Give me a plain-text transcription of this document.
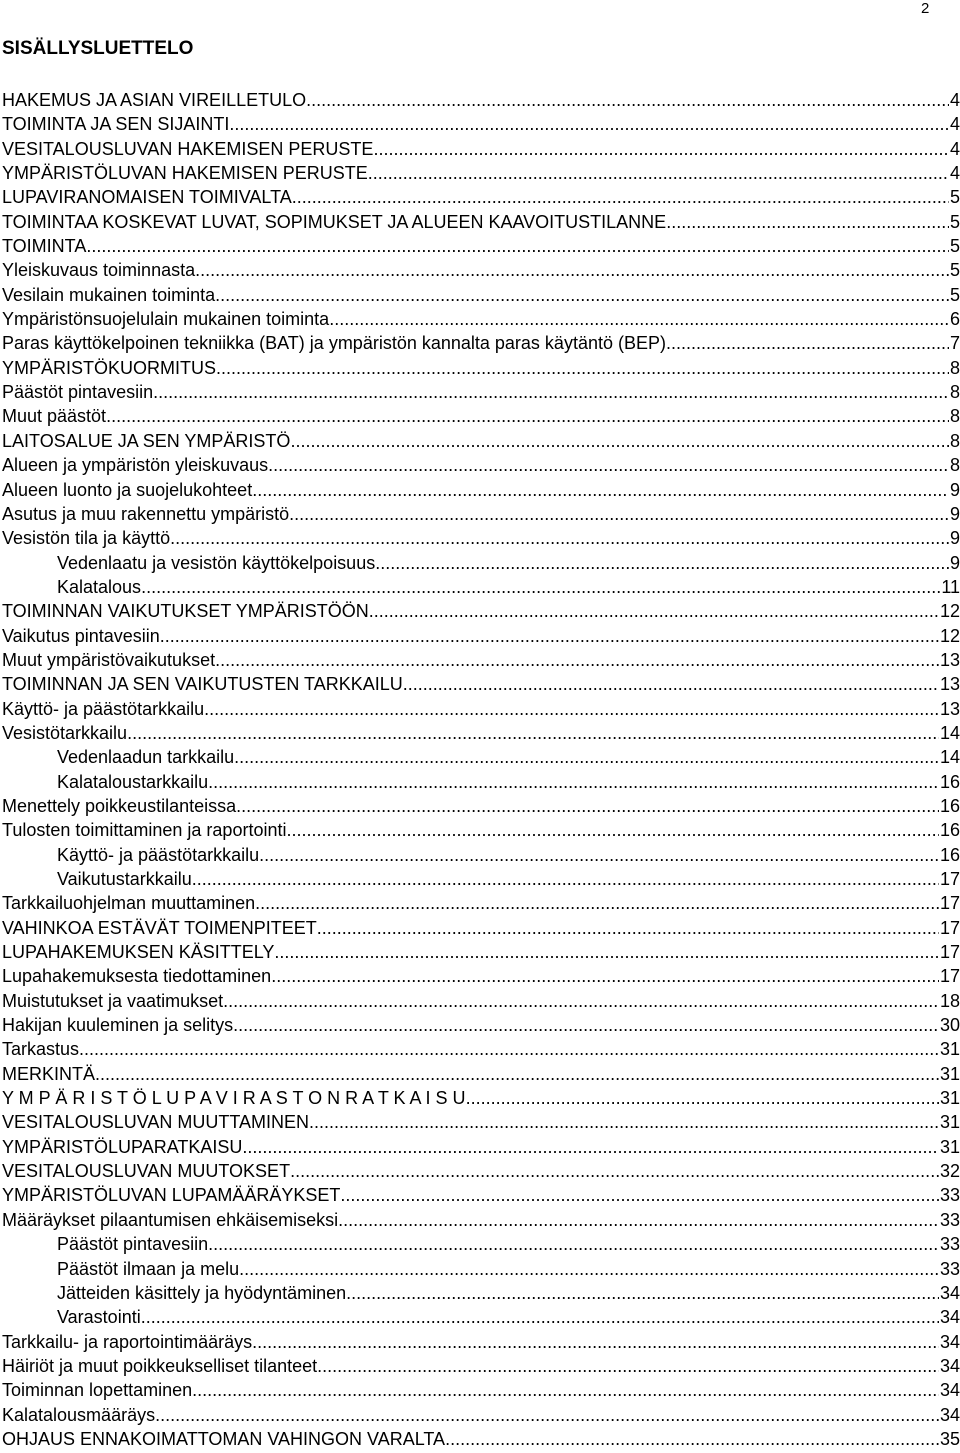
2
SISÄLLYSLUETTELO
HAKEMUS JA ASIAN VIREILLETULO .....	4
TOIMINTA JA SEN SIJAINTI .....	4
VESITALOUSLUVAN HAKEMISEN PERUSTE .....	4
YMPÄRISTÖLUVAN HAKEMISEN PERUSTE .....	4
LUPAVIRANOMAISEN TOIMIVALTA .....	5
TOIMINTAA KOSKEVAT LUVAT, SOPIMUKSET JA ALUEEN KAAVOITUSTILANNE .....	5
TOIMINTA .....	5
Yleiskuvaus toiminnasta .....	5
Vesilain mukainen toiminta .....	5
Ympäristönsuojelulain mukainen toiminta .....	6
Paras käyttökelpoinen tekniikka (BAT) ja ympäristön kannalta paras käytäntö (BEP) .....	7
YMPÄRISTÖKUORMITUS .....	8
Päästöt pintavesiin .....	8
Muut päästöt .....	8
LAITOSALUE JA SEN YMPÄRISTÖ .....	8
Alueen ja ympäristön yleiskuvaus .....	8
Alueen luonto ja suojelukohteet .....	9
Asutus ja muu rakennettu ympäristö .....	9
Vesistön tila ja käyttö .....	9
Vedenlaatu ja vesistön käyttökelpoisuus .....	9
Kalatalous .....	11
TOIMINNAN VAIKUTUKSET YMPÄRISTÖÖN .....	12
Vaikutus pintavesiin .....	12
Muut ympäristövaikutukset .....	13
TOIMINNAN JA SEN VAIKUTUSTEN TARKKAILU .....	13
Käyttö- ja päästötarkkailu .....	13
Vesistötarkkailu .....	14
Vedenlaadun tarkkailu .....	14
Kalataloustarkkailu .....	16
Menettely poikkeustilanteissa .....	16
Tulosten toimittaminen ja raportointi .....	16
Käyttö- ja päästötarkkailu .....	16
Vaikutustarkkailu .....	17
Tarkkailuohjelman muuttaminen .....	17
VAHINKOA ESTÄVÄT TOIMENPITEET .....	17
LUPAHAKEMUKSEN KÄSITTELY .....	17
Lupahakemuksesta tiedottaminen .....	17
Muistutukset ja vaatimukset .....	18
Hakijan kuuleminen ja selitys .....	30
Tarkastus .....	31
MERKINTÄ .....	31
Y M P Ä R I S T Ö L U P A V I R A S T O N R A T K A I S U .....	31
VESITALOUSLUVAN MUUTTAMINEN .....	31
YMPÄRISTÖLUPARATKAISU .....	31
VESITALOUSLUVAN MUUTOKSET .....	32
YMPÄRISTÖLUVAN LUPAMÄÄRÄYKSET .....	33
Määräykset pilaantumisen ehkäisemiseksi .....	33
Päästöt pintavesiin .....	33
Päästöt ilmaan ja melu .....	33
Jätteiden käsittely ja hyödyntäminen .....	34
Varastointi .....	34
Tarkkailu- ja raportointimääräys .....	34
Häiriöt ja muut poikkeukselliset tilanteet .....	34
Toiminnan lopettaminen .....	34
Kalatalousmääräys .....	34
OHJAUS ENNAKOIMATTOMAN VAHINGON VARALTA .....	35
